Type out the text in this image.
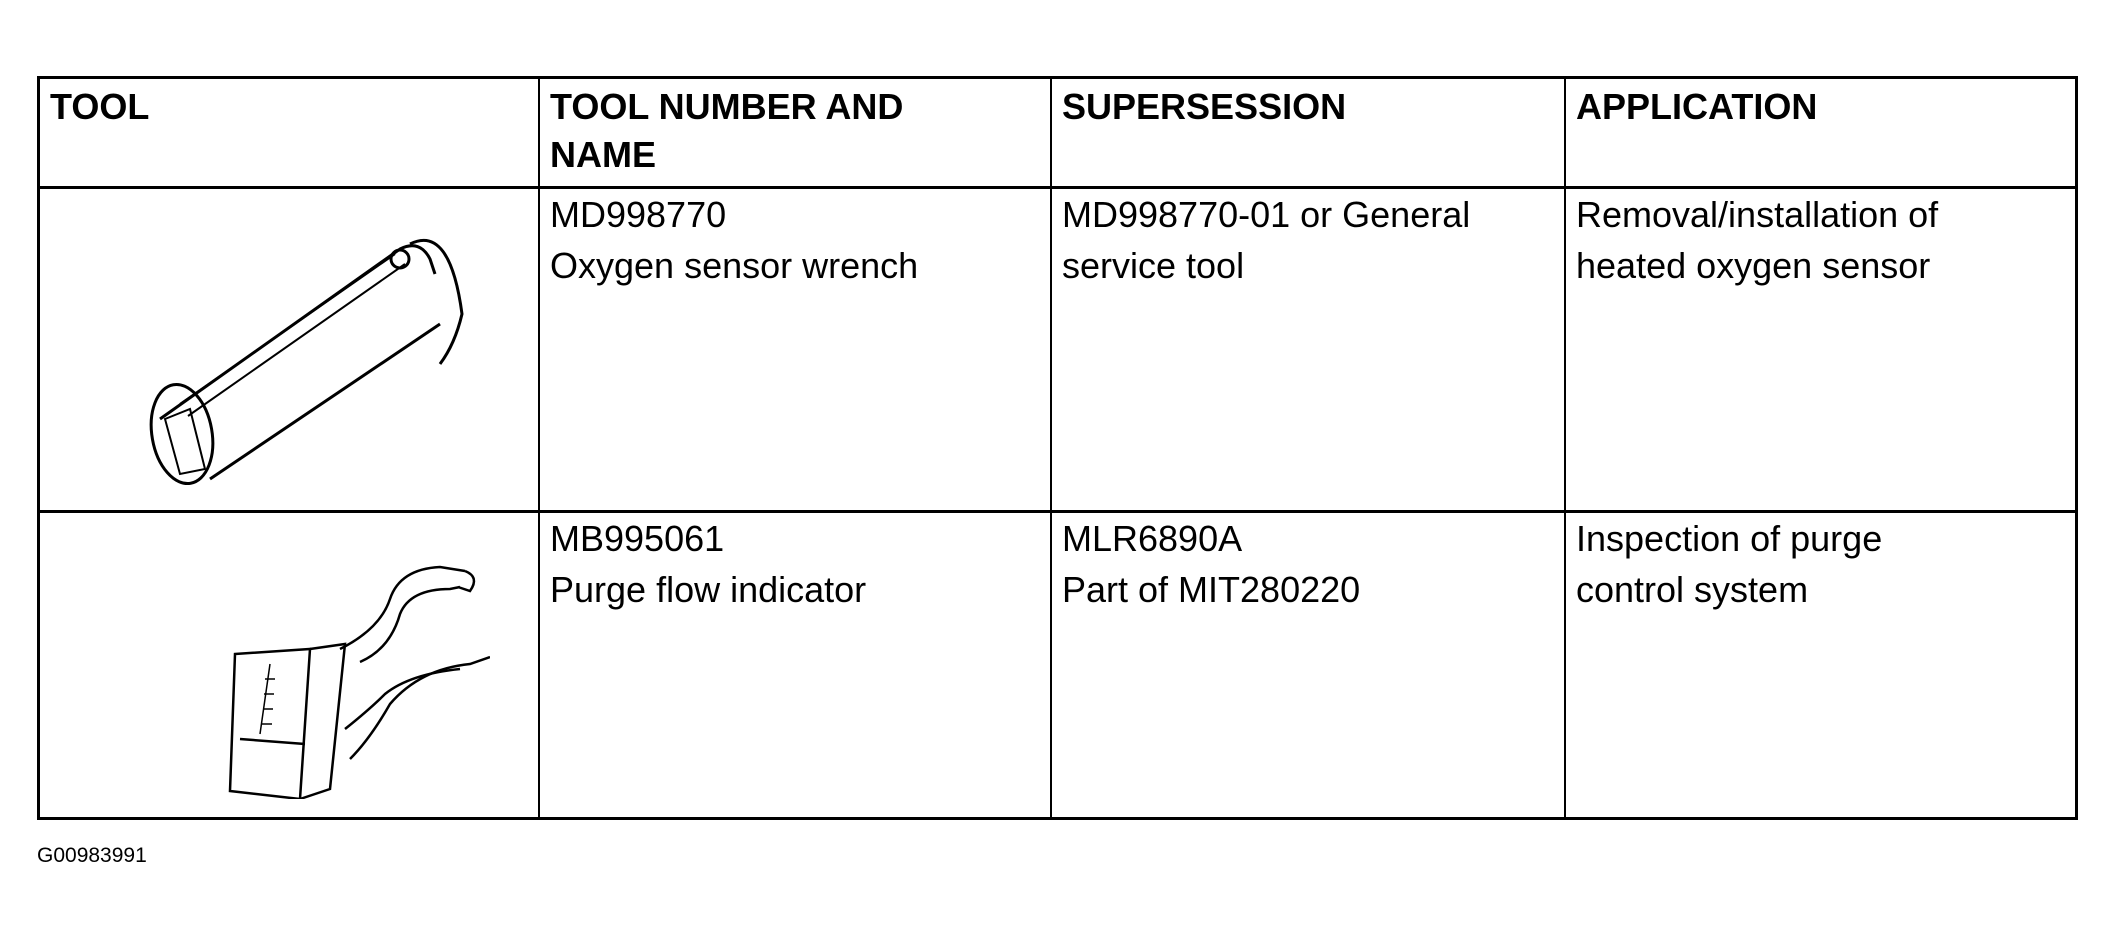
TOOL	TOOL NUMBER AND NAME
SUPERSESSION	APPLICATION
MD998770
Oxygen sensor wrench
MD998770-01 or General
service tool
Removal/installation of
heated oxygen sensor
MB995061
Purge flow indicator
MLR6890A
Part of MIT280220
Inspection of purge
control system
G00983991
